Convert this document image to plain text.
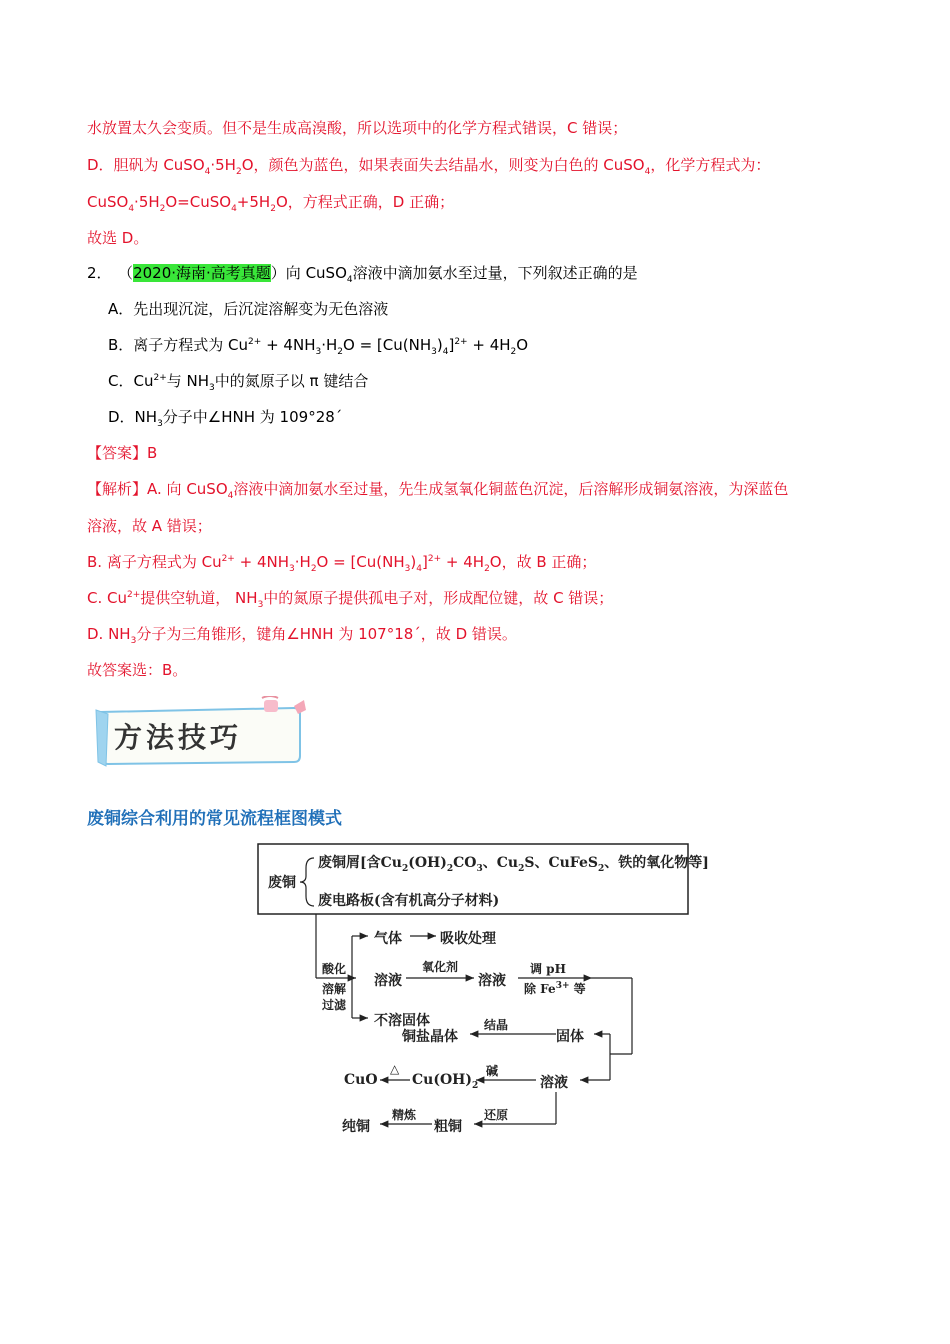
水放置太久会变质。但不是生成高溴酸，所以选项中的化学方程式错误，C 错误；
D．胆矾为 $CuSO_4\cdot 5H_2O$，颜色为蓝色，如果表面失去结晶水，则变为白色的 CuSO$_4$，化学方程式为：
$CuSO_4\cdot 5H_2O=CuSO_4+5H_2O$，方程式正确，D 正确；
故选 D。
2． （2020·海南·高考真题）向 CuSO$_4$溶液中滴加氨水至过量，下列叙述正确的是
A．先出现沉淀，后沉淀溶解变为无色溶液
B．离子方程式为 $Cu^{2+} + 4NH_3\cdot H_2O = [Cu(NH_3)_4]^{2+} + 4H_2O$
C．$Cu^{2+}$与 $NH_3$中的氮原子以 π 键结合
D．$NH_3$分子中∠HNH 为 109°28´
【答案】B
【解析】A. 向 CuSO$_4$溶液中滴加氨水至过量，先生成氢氧化铜蓝色沉淀，后溶解形成铜氨溶液，为深蓝色
溶液，故 A 错误；
B. 离子方程式为 $Cu^{2+} + 4NH_3\cdot H_2O = [Cu(NH_3)_4]^{2+} + 4H_2O$，故 B 正确；
C. $Cu^{2+}$提供空轨道， $NH_3$中的氮原子提供孤电子对，形成配位键，故 C 错误；
D. $NH_3$分子为三角锥形，键角∠HNH 为 107°18´，故 D 错误。
故答案选：B。
方法技巧
废铜综合利用的常见流程框图模式
废铜
废铜屑[含$Cu_2(OH)_2CO_3$、$Cu_2S$、CuFeS$_2$、铁的氧化物等]
废电路板(含有机高分子材料)
气体	吸收处理
酸化
溶解
过滤
溶液
氧化剂
溶液
调 pH
除 $Fe^{3+}$ 等
不溶固体
固体
结晶
铜盐晶体
溶液
碱
$Cu(OH)_2$
△
CuO
还原
粗铜
精炼
纯铜
